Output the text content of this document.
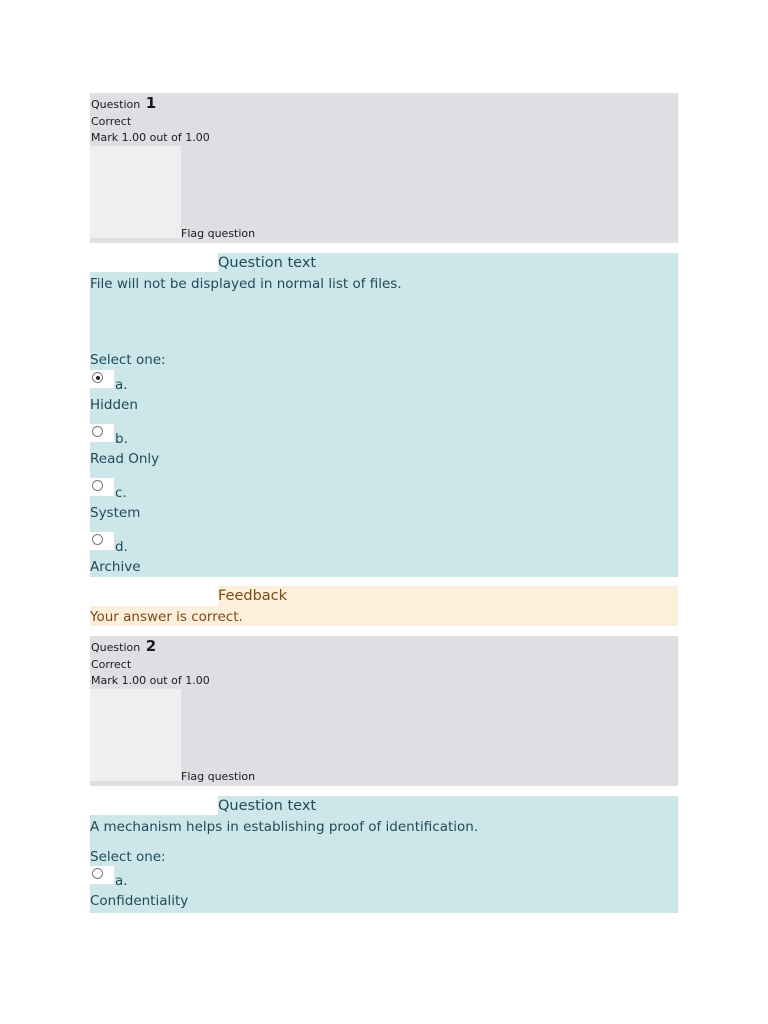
Question 1
Correct
Mark 1.00 out of 1.00
Flag question
Question text
File will not be displayed in normal list of files.
Select one:
a.
Hidden
b.
Read Only
c.
System
d.
Archive
Feedback
Your answer is correct.
Question 2
Correct
Mark 1.00 out of 1.00
Flag question
Question text
A mechanism helps in establishing proof of identification.
Select one:
a.
Confidentiality
